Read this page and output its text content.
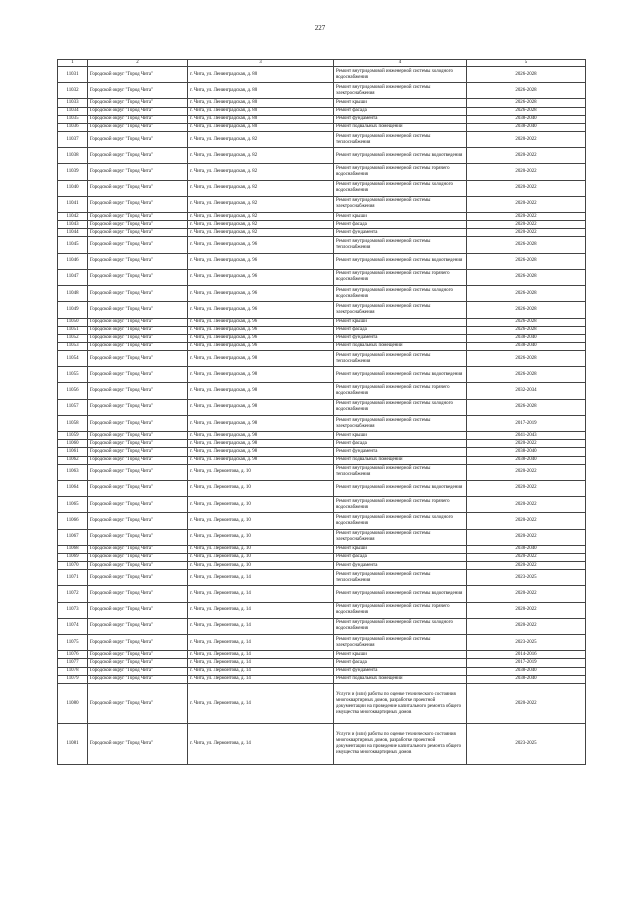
227
1	2	3	4	5
11031	Городской округ "Город Чита"	г. Чита, ул. Ленинградская, д. 80	Ремонт внутридомовой инженерной системы холодного водоснабжения	2026-2028
11032	Городской округ "Город Чита"	г. Чита, ул. Ленинградская, д. 80	Ремонт внутридомовой инженерной системы электроснабжения	2026-2028
11033	Городской округ "Город Чита"	г. Чита, ул. Ленинградская, д. 80	Ремонт крыши	2026-2028
11034	Городской округ "Город Чита"	г. Чита, ул. Ленинградская, д. 80	Ремонт фасада	2026-2028
11035	Городской округ "Город Чита"	г. Чита, ул. Ленинградская, д. 80	Ремонт фундамента	2038-2040
11036	Городской округ "Город Чита"	г. Чита, ул. Ленинградская, д. 80	Ремонт подвальных помещений	2038-2040
11037	Городской округ "Город Чита"	г. Чита, ул. Ленинградская, д. 82	Ремонт внутридомовой инженерной системы теплоснабжения	2020-2022
11038	Городской округ "Город Чита"	г. Чита, ул. Ленинградская, д. 82	Ремонт внутридомовой инженерной системы водоотведения	2020-2022
11039	Городской округ "Город Чита"	г. Чита, ул. Ленинградская, д. 82	Ремонт внутридомовой инженерной системы горячего водоснабжения	2020-2022
11040	Городской округ "Город Чита"	г. Чита, ул. Ленинградская, д. 82	Ремонт внутридомовой инженерной системы холодного водоснабжения	2020-2022
11041	Городской округ "Город Чита"	г. Чита, ул. Ленинградская, д. 82	Ремонт внутридомовой инженерной системы электроснабжения	2020-2022
11042	Городской округ "Город Чита"	г. Чита, ул. Ленинградская, д. 82	Ремонт крыши	2020-2022
11043	Городской округ "Город Чита"	г. Чита, ул. Ленинградская, д. 82	Ремонт фасада	2020-2022
11044	Городской округ "Город Чита"	г. Чита, ул. Ленинградская, д. 82	Ремонт фундамента	2020-2022
11045	Городской округ "Город Чита"	г. Чита, ул. Ленинградская, д. 96	Ремонт внутридомовой инженерной системы теплоснабжения	2026-2028
11046	Городской округ "Город Чита"	г. Чита, ул. Ленинградская, д. 96	Ремонт внутридомовой инженерной системы водоотведения	2026-2028
11047	Городской округ "Город Чита"	г. Чита, ул. Ленинградская, д. 96	Ремонт внутридомовой инженерной системы горячего водоснабжения	2026-2028
11048	Городской округ "Город Чита"	г. Чита, ул. Ленинградская, д. 96	Ремонт внутридомовой инженерной системы холодного водоснабжения	2026-2028
11049	Городской округ "Город Чита"	г. Чита, ул. Ленинградская, д. 96	Ремонт внутридомовой инженерной системы электроснабжения	2026-2028
11050	Городской округ "Город Чита"	г. Чита, ул. Ленинградская, д. 96	Ремонт крыши	2026-2028
11051	Городской округ "Город Чита"	г. Чита, ул. Ленинградская, д. 96	Ремонт фасада	2026-2028
11052	Городской округ "Город Чита"	г. Чита, ул. Ленинградская, д. 96	Ремонт фундамента	2038-2040
11053	Городской округ "Город Чита"	г. Чита, ул. Ленинградская, д. 96	Ремонт подвальных помещений	2038-2040
11054	Городской округ "Город Чита"	г. Чита, ул. Ленинградская, д. 98	Ремонт внутридомовой инженерной системы теплоснабжения	2026-2028
11055	Городской округ "Город Чита"	г. Чита, ул. Ленинградская, д. 98	Ремонт внутридомовой инженерной системы водоотведения	2026-2028
11056	Городской округ "Город Чита"	г. Чита, ул. Ленинградская, д. 98	Ремонт внутридомовой инженерной системы горячего водоснабжения	2032-2034
11057	Городской округ "Город Чита"	г. Чита, ул. Ленинградская, д. 98	Ремонт внутридомовой инженерной системы холодного водоснабжения	2026-2028
11058	Городской округ "Город Чита"	г. Чита, ул. Ленинградская, д. 98	Ремонт внутридомовой инженерной системы электроснабжения	2017-2019
11059	Городской округ "Город Чита"	г. Чита, ул. Ленинградская, д. 98	Ремонт крыши	2041-2043
11060	Городской округ "Город Чита"	г. Чита, ул. Ленинградская, д. 98	Ремонт фасада	2020-2022
11061	Городской округ "Город Чита"	г. Чита, ул. Ленинградская, д. 98	Ремонт фундамента	2038-2040
11062	Городской округ "Город Чита"	г. Чита, ул. Ленинградская, д. 98	Ремонт подвальных помещений	2038-2040
11063	Городской округ "Город Чита"	г. Чита, ул. Лермонтова, д. 10	Ремонт внутридомовой инженерной системы теплоснабжения	2020-2022
11064	Городской округ "Город Чита"	г. Чита, ул. Лермонтова, д. 10	Ремонт внутридомовой инженерной системы водоотведения	2020-2022
11065	Городской округ "Город Чита"	г. Чита, ул. Лермонтова, д. 10	Ремонт внутридомовой инженерной системы горячего водоснабжения	2020-2022
11066	Городской округ "Город Чита"	г. Чита, ул. Лермонтова, д. 10	Ремонт внутридомовой инженерной системы холодного водоснабжения	2020-2022
11067	Городской округ "Город Чита"	г. Чита, ул. Лермонтова, д. 10	Ремонт внутридомовой инженерной системы электроснабжения	2020-2022
11068	Городской округ "Город Чита"	г. Чита, ул. Лермонтова, д. 10	Ремонт крыши	2038-2040
11069	Городской округ "Город Чита"	г. Чита, ул. Лермонтова, д. 10	Ремонт фасада	2020-2022
11070	Городской округ "Город Чита"	г. Чита, ул. Лермонтова, д. 10	Ремонт фундамента	2020-2022
11071	Городской округ "Город Чита"	г. Чита, ул. Лермонтова, д. 14	Ремонт внутридомовой инженерной системы теплоснабжения	2023-2025
11072	Городской округ "Город Чита"	г. Чита, ул. Лермонтова, д. 14	Ремонт внутридомовой инженерной системы водоотведения	2020-2022
11073	Городской округ "Город Чита"	г. Чита, ул. Лермонтова, д. 14	Ремонт внутридомовой инженерной системы горячего водоснабжения	2020-2022
11074	Городской округ "Город Чита"	г. Чита, ул. Лермонтова, д. 14	Ремонт внутридомовой инженерной системы холодного водоснабжения	2020-2022
11075	Городской округ "Город Чита"	г. Чита, ул. Лермонтова, д. 14	Ремонт внутридомовой инженерной системы электроснабжения	2023-2025
11076	Городской округ "Город Чита"	г. Чита, ул. Лермонтова, д. 14	Ремонт крыши	2014-2016
11077	Городской округ "Город Чита"	г. Чита, ул. Лермонтова, д. 14	Ремонт фасада	2017-2019
11078	Городской округ "Город Чита"	г. Чита, ул. Лермонтова, д. 14	Ремонт фундамента	2038-2040
11079	Городской округ "Город Чита"	г. Чита, ул. Лермонтова, д. 14	Ремонт подвальных помещений	2038-2040
11080	Городской округ "Город Чита"	г. Чита, ул. Лермонтова, д. 14	Услуги и (или) работы по оценке технического состояния многоквартирных домов, разработке проектной документации на проведение капитального ремонта общего имущества многоквартирных домов	2020-2022
11081	Городской округ "Город Чита"	г. Чита, ул. Лермонтова, д. 14	Услуги и (или) работы по оценке технического состояния многоквартирных домов, разработке проектной документации на проведение капитального ремонта общего имущества многоквартирных домов	2023-2025
